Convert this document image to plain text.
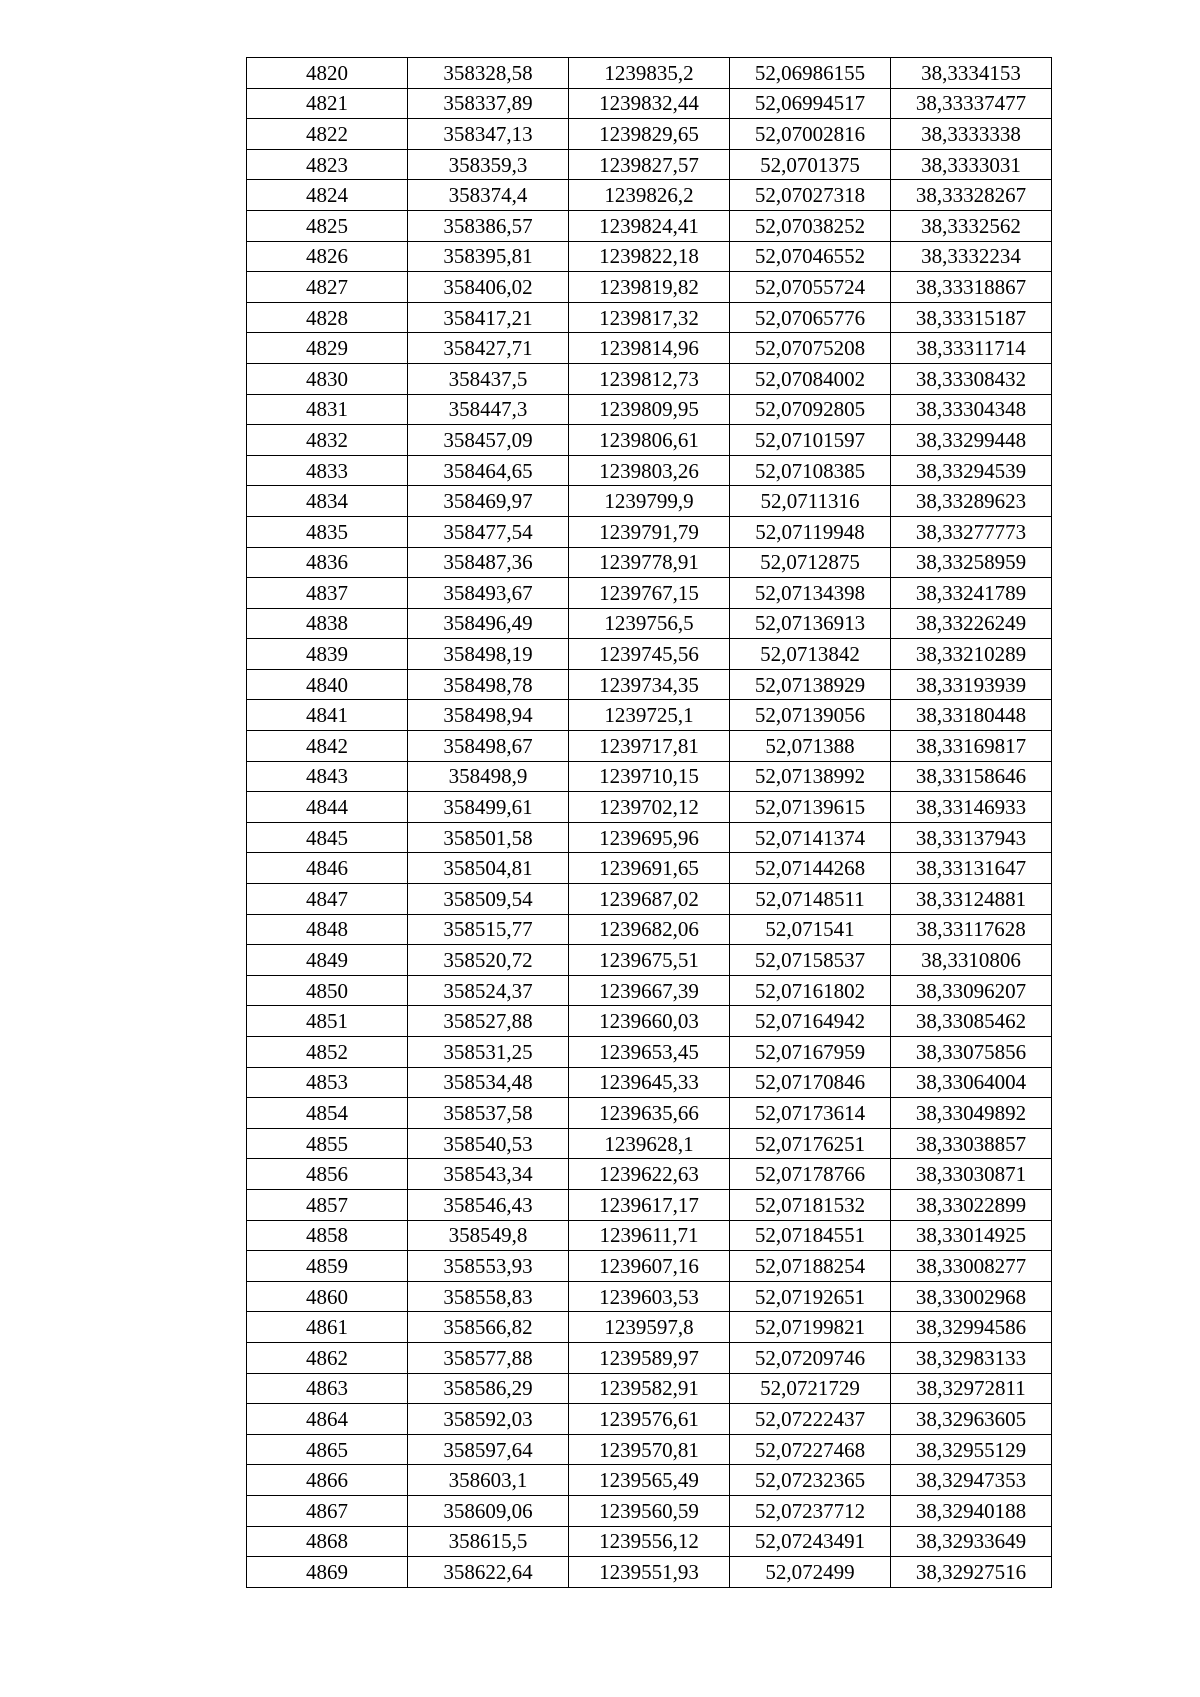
4820	358328,58	1239835,2	52,06986155	38,3334153
4821	358337,89	1239832,44	52,06994517	38,33337477
4822	358347,13	1239829,65	52,07002816	38,3333338
4823	358359,3	1239827,57	52,0701375	38,3333031
4824	358374,4	1239826,2	52,07027318	38,33328267
4825	358386,57	1239824,41	52,07038252	38,3332562
4826	358395,81	1239822,18	52,07046552	38,3332234
4827	358406,02	1239819,82	52,07055724	38,33318867
4828	358417,21	1239817,32	52,07065776	38,33315187
4829	358427,71	1239814,96	52,07075208	38,33311714
4830	358437,5	1239812,73	52,07084002	38,33308432
4831	358447,3	1239809,95	52,07092805	38,33304348
4832	358457,09	1239806,61	52,07101597	38,33299448
4833	358464,65	1239803,26	52,07108385	38,33294539
4834	358469,97	1239799,9	52,0711316	38,33289623
4835	358477,54	1239791,79	52,07119948	38,33277773
4836	358487,36	1239778,91	52,0712875	38,33258959
4837	358493,67	1239767,15	52,07134398	38,33241789
4838	358496,49	1239756,5	52,07136913	38,33226249
4839	358498,19	1239745,56	52,0713842	38,33210289
4840	358498,78	1239734,35	52,07138929	38,33193939
4841	358498,94	1239725,1	52,07139056	38,33180448
4842	358498,67	1239717,81	52,071388	38,33169817
4843	358498,9	1239710,15	52,07138992	38,33158646
4844	358499,61	1239702,12	52,07139615	38,33146933
4845	358501,58	1239695,96	52,07141374	38,33137943
4846	358504,81	1239691,65	52,07144268	38,33131647
4847	358509,54	1239687,02	52,07148511	38,33124881
4848	358515,77	1239682,06	52,071541	38,33117628
4849	358520,72	1239675,51	52,07158537	38,3310806
4850	358524,37	1239667,39	52,07161802	38,33096207
4851	358527,88	1239660,03	52,07164942	38,33085462
4852	358531,25	1239653,45	52,07167959	38,33075856
4853	358534,48	1239645,33	52,07170846	38,33064004
4854	358537,58	1239635,66	52,07173614	38,33049892
4855	358540,53	1239628,1	52,07176251	38,33038857
4856	358543,34	1239622,63	52,07178766	38,33030871
4857	358546,43	1239617,17	52,07181532	38,33022899
4858	358549,8	1239611,71	52,07184551	38,33014925
4859	358553,93	1239607,16	52,07188254	38,33008277
4860	358558,83	1239603,53	52,07192651	38,33002968
4861	358566,82	1239597,8	52,07199821	38,32994586
4862	358577,88	1239589,97	52,07209746	38,32983133
4863	358586,29	1239582,91	52,0721729	38,32972811
4864	358592,03	1239576,61	52,07222437	38,32963605
4865	358597,64	1239570,81	52,07227468	38,32955129
4866	358603,1	1239565,49	52,07232365	38,32947353
4867	358609,06	1239560,59	52,07237712	38,32940188
4868	358615,5	1239556,12	52,07243491	38,32933649
4869	358622,64	1239551,93	52,072499	38,32927516
